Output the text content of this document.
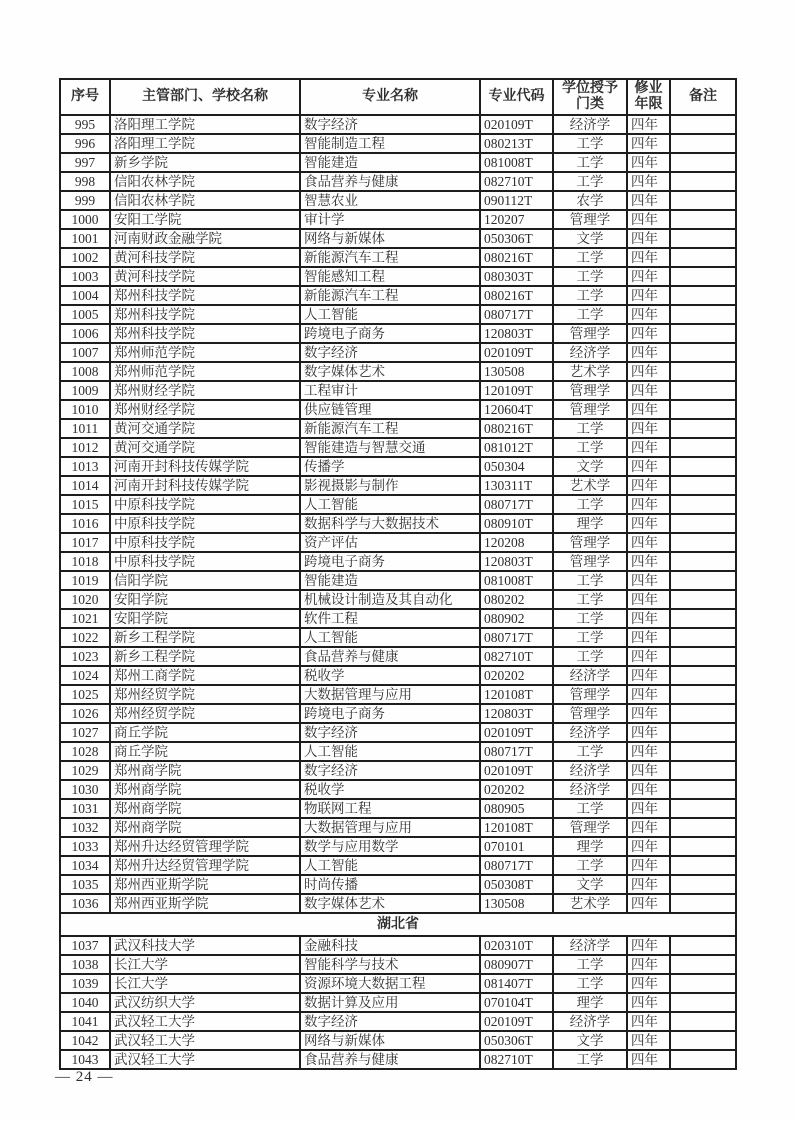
序号	主管部门、学校名称	专业名称	专业代码	学位授予门类	修业年限	备注
995	洛阳理工学院	数字经济	020109T	经济学	四年	
996	洛阳理工学院	智能制造工程	080213T	工学	四年	
997	新乡学院	智能建造	081008T	工学	四年	
998	信阳农林学院	食品营养与健康	082710T	工学	四年	
999	信阳农林学院	智慧农业	090112T	农学	四年	
1000	安阳工学院	审计学	120207	管理学	四年	
1001	河南财政金融学院	网络与新媒体	050306T	文学	四年	
1002	黄河科技学院	新能源汽车工程	080216T	工学	四年	
1003	黄河科技学院	智能感知工程	080303T	工学	四年	
1004	郑州科技学院	新能源汽车工程	080216T	工学	四年	
1005	郑州科技学院	人工智能	080717T	工学	四年	
1006	郑州科技学院	跨境电子商务	120803T	管理学	四年	
1007	郑州师范学院	数字经济	020109T	经济学	四年	
1008	郑州师范学院	数字媒体艺术	130508	艺术学	四年	
1009	郑州财经学院	工程审计	120109T	管理学	四年	
1010	郑州财经学院	供应链管理	120604T	管理学	四年	
1011	黄河交通学院	新能源汽车工程	080216T	工学	四年	
1012	黄河交通学院	智能建造与智慧交通	081012T	工学	四年	
1013	河南开封科技传媒学院	传播学	050304	文学	四年	
1014	河南开封科技传媒学院	影视摄影与制作	130311T	艺术学	四年	
1015	中原科技学院	人工智能	080717T	工学	四年	
1016	中原科技学院	数据科学与大数据技术	080910T	理学	四年	
1017	中原科技学院	资产评估	120208	管理学	四年	
1018	中原科技学院	跨境电子商务	120803T	管理学	四年	
1019	信阳学院	智能建造	081008T	工学	四年	
1020	安阳学院	机械设计制造及其自动化	080202	工学	四年	
1021	安阳学院	软件工程	080902	工学	四年	
1022	新乡工程学院	人工智能	080717T	工学	四年	
1023	新乡工程学院	食品营养与健康	082710T	工学	四年	
1024	郑州工商学院	税收学	020202	经济学	四年	
1025	郑州经贸学院	大数据管理与应用	120108T	管理学	四年	
1026	郑州经贸学院	跨境电子商务	120803T	管理学	四年	
1027	商丘学院	数字经济	020109T	经济学	四年	
1028	商丘学院	人工智能	080717T	工学	四年	
1029	郑州商学院	数字经济	020109T	经济学	四年	
1030	郑州商学院	税收学	020202	经济学	四年	
1031	郑州商学院	物联网工程	080905	工学	四年	
1032	郑州商学院	大数据管理与应用	120108T	管理学	四年	
1033	郑州升达经贸管理学院	数学与应用数学	070101	理学	四年	
1034	郑州升达经贸管理学院	人工智能	080717T	工学	四年	
1035	郑州西亚斯学院	时尚传播	050308T	文学	四年	
1036	郑州西亚斯学院	数字媒体艺术	130508	艺术学	四年	
湖北省						
1037	武汉科技大学	金融科技	020310T	经济学	四年	
1038	长江大学	智能科学与技术	080907T	工学	四年	
1039	长江大学	资源环境大数据工程	081407T	工学	四年	
1040	武汉纺织大学	数据计算及应用	070104T	理学	四年	
1041	武汉轻工大学	数字经济	020109T	经济学	四年	
1042	武汉轻工大学	网络与新媒体	050306T	文学	四年	
1043	武汉轻工大学	食品营养与健康	082710T	工学	四年	
— 24 —
